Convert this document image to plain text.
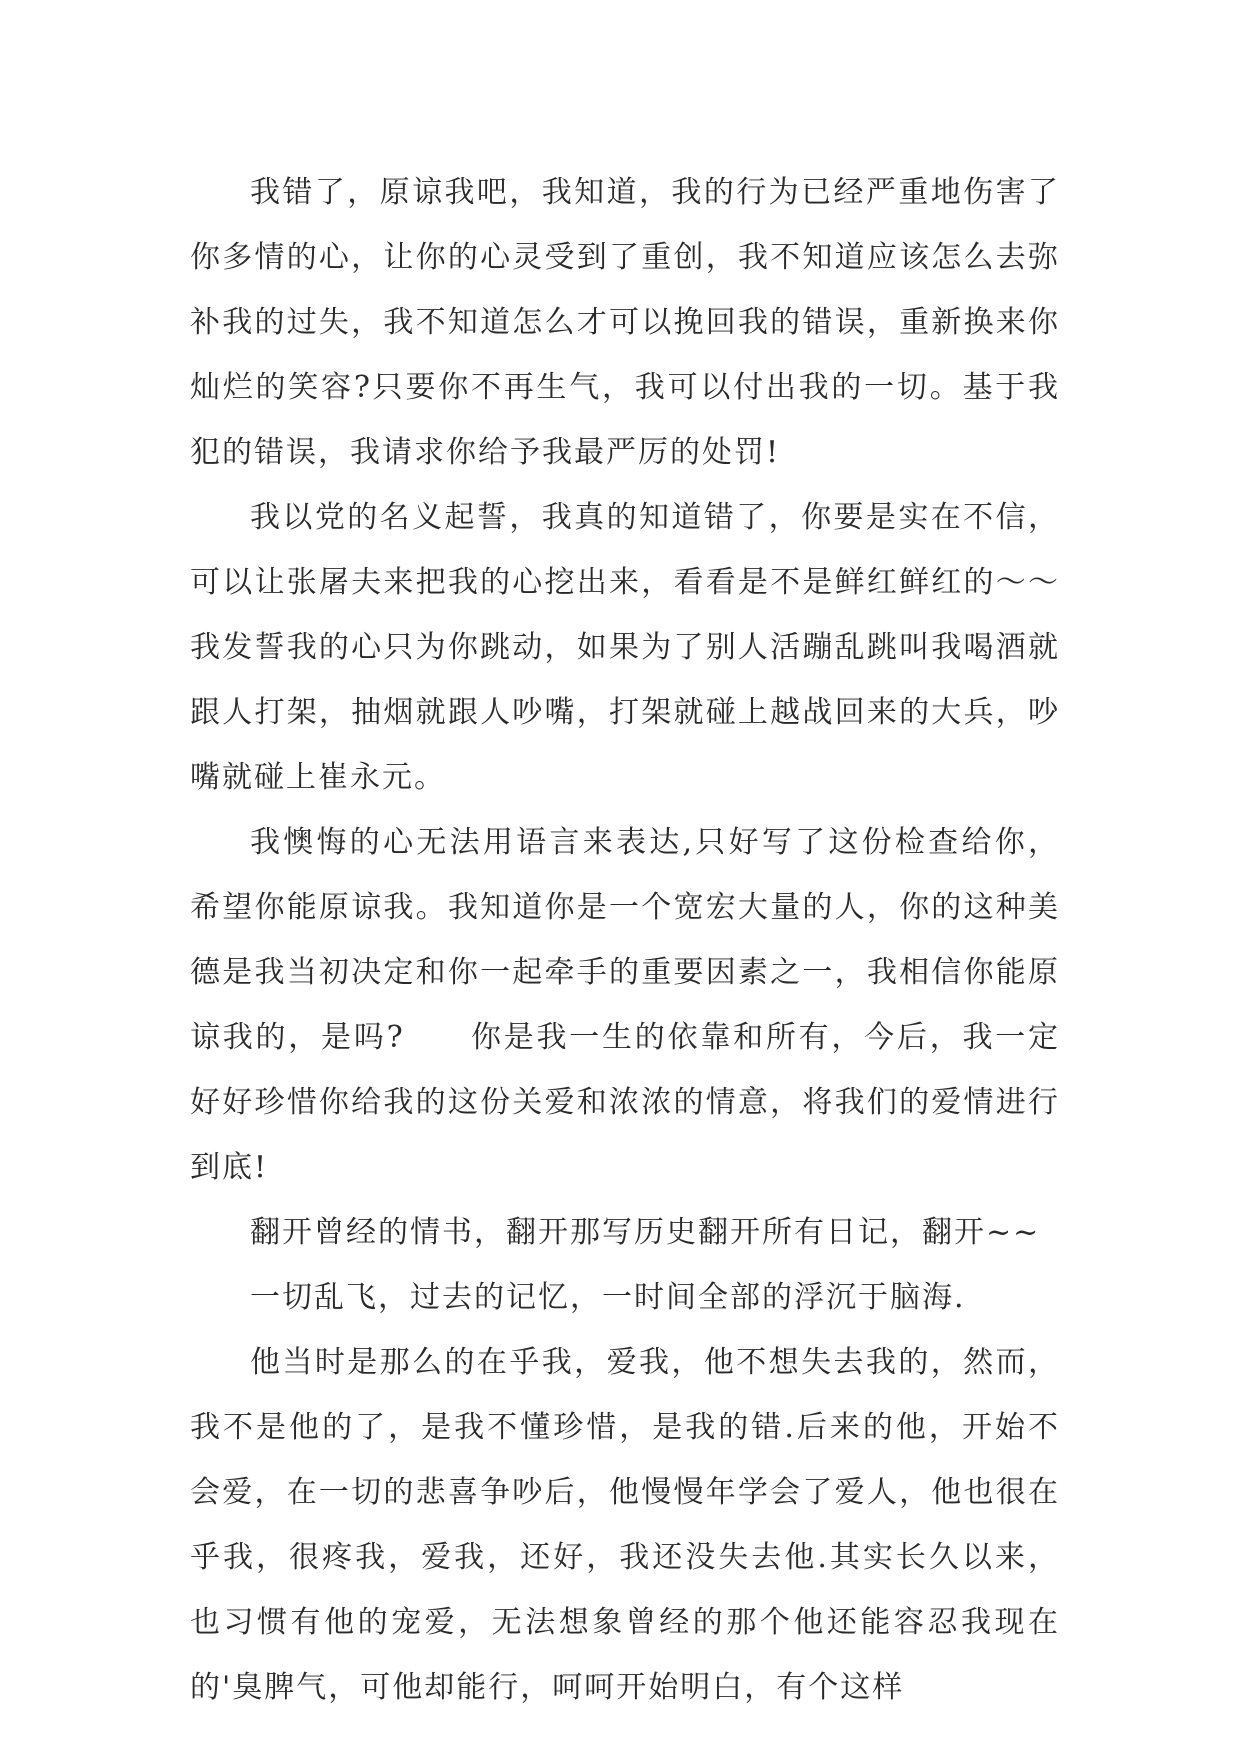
我错了，原谅我吧，我知道，我的行为已经严重地伤害了你多情的心，让你的心灵受到了重创，我不知道应该怎么去弥补我的过失，我不知道怎么才可以挽回我的错误，重新换来你灿烂的笑容?只要你不再生气，我可以付出我的一切。基于我犯的错误，我请求你给予我最严厉的处罚!

我以党的名义起誓，我真的知道错了，你要是实在不信，可以让张屠夫来把我的心挖出来，看看是不是鲜红鲜红的～～我发誓我的心只为你跳动，如果为了别人活蹦乱跳叫我喝酒就跟人打架，抽烟就跟人吵嘴，打架就碰上越战回来的大兵，吵嘴就碰上崔永元。

我懊悔的心无法用语言来表达,只好写了这份检查给你，希望你能原谅我。我知道你是一个宽宏大量的人，你的这种美德是我当初决定和你一起牵手的重要因素之一，我相信你能原谅我的，是吗?　　你是我一生的依靠和所有，今后，我一定好好珍惜你给我的这份关爱和浓浓的情意，将我们的爱情进行到底!

翻开曾经的情书，翻开那写历史翻开所有日记，翻开~~

一切乱飞，过去的记忆，一时间全部的浮沉于脑海.

他当时是那么的在乎我，爱我，他不想失去我的，然而，我不是他的了，是我不懂珍惜，是我的错.后来的他，开始不会爱，在一切的悲喜争吵后，他慢慢年学会了爱人，他也很在乎我，很疼我，爱我，还好，我还没失去他.其实长久以来，也习惯有他的宠爱，无法想象曾经的那个他还能容忍我现在的'臭脾气，可他却能行，呵呵开始明白，有个这样
